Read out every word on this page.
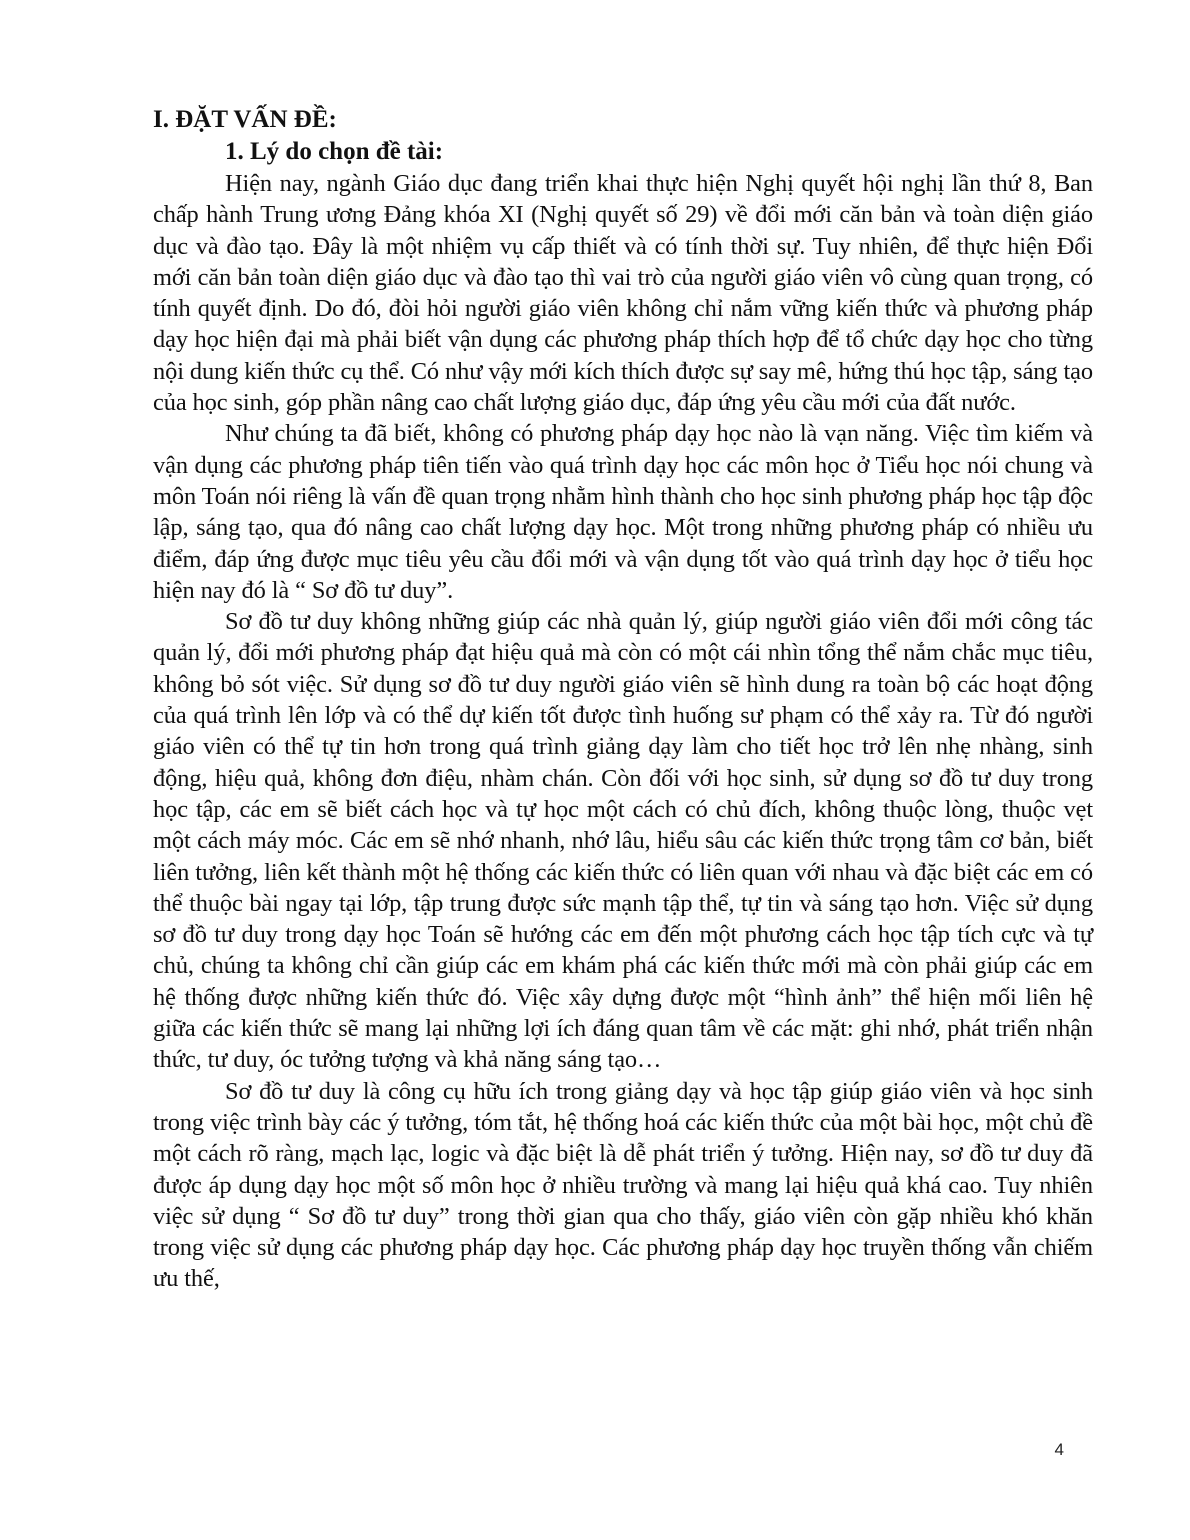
I. ĐẶT VẤN ĐỀ:
1. Lý do chọn đề tài:

Hiện nay, ngành Giáo dục đang triển khai thực hiện Nghị quyết hội nghị lần thứ 8, Ban chấp hành Trung ương Đảng khóa XI (Nghị quyết số 29) về đổi mới căn bản và toàn diện giáo dục và đào tạo. Đây là một nhiệm vụ cấp thiết và có tính thời sự. Tuy nhiên, để thực hiện Đổi mới căn bản toàn diện giáo dục và đào tạo thì vai trò của người giáo viên vô cùng quan trọng, có tính quyết định. Do đó, đòi hỏi người giáo viên không chỉ nắm vững kiến thức và phương pháp dạy học hiện đại mà phải biết vận dụng các phương pháp thích hợp để tổ chức dạy học cho từng nội dung kiến thức cụ thể. Có như vậy mới kích thích được sự say mê, hứng thú học tập, sáng tạo của học sinh, góp phần nâng cao chất lượng giáo dục, đáp ứng yêu cầu mới của đất nước.

Như chúng ta đã biết, không có phương pháp dạy học nào là vạn năng. Việc tìm kiếm và vận dụng các phương pháp tiên tiến vào quá trình dạy học các môn học ở Tiểu học nói chung và môn Toán nói riêng là vấn đề quan trọng nhằm hình thành cho học sinh phương pháp học tập độc lập, sáng tạo, qua đó nâng cao chất lượng dạy học. Một trong những phương pháp có nhiều ưu điểm, đáp ứng được mục tiêu yêu cầu đổi mới và vận dụng tốt vào quá trình dạy học ở tiểu học hiện nay đó là “ Sơ đồ tư duy”.

Sơ đồ tư duy không những giúp các nhà quản lý, giúp người giáo viên đổi mới công tác quản lý, đổi mới phương pháp đạt hiệu quả mà còn có một cái nhìn tổng thể nắm chắc mục tiêu, không bỏ sót việc. Sử dụng sơ đồ tư duy người giáo viên sẽ hình dung ra toàn bộ các hoạt động của quá trình lên lớp và có thể dự kiến tốt được tình huống sư phạm có thể xảy ra. Từ đó người giáo viên có thể tự tin hơn trong quá trình giảng dạy làm cho tiết học trở lên nhẹ nhàng, sinh động, hiệu quả, không đơn điệu, nhàm chán. Còn đối với học sinh, sử dụng sơ đồ tư duy trong học tập, các em sẽ biết cách học và tự học một cách có chủ đích, không thuộc lòng, thuộc vẹt một cách máy móc. Các em sẽ nhớ nhanh, nhớ lâu, hiểu sâu các kiến thức trọng tâm cơ bản, biết liên tưởng, liên kết thành một hệ thống các kiến thức có liên quan với nhau và đặc biệt các em có thể thuộc bài ngay tại lớp, tập trung được sức mạnh tập thể, tự tin và sáng tạo hơn. Việc sử dụng sơ đồ tư duy trong dạy học Toán sẽ hướng các em đến một phương cách học tập tích cực và tự chủ, chúng ta không chỉ cần giúp các em khám phá các kiến thức mới mà còn phải giúp các em hệ thống được những kiến thức đó. Việc xây dựng được một “hình ảnh” thể hiện mối liên hệ giữa các kiến thức sẽ mang lại những lợi ích đáng quan tâm về các mặt: ghi nhớ, phát triển nhận thức, tư duy, óc tưởng tượng và khả năng sáng tạo…

Sơ đồ tư duy là công cụ hữu ích trong giảng dạy và học tập giúp giáo viên và học sinh trong việc trình bày các ý tưởng, tóm tắt, hệ thống hoá các kiến thức của một bài học, một chủ đề một cách rõ ràng, mạch lạc, logic và đặc biệt là dễ phát triển ý tưởng. Hiện nay, sơ đồ tư duy đã được áp dụng dạy học một số môn học ở nhiều trường và mang lại hiệu quả khá cao. Tuy nhiên việc sử dụng “ Sơ đồ tư duy” trong thời gian qua cho thấy, giáo viên còn gặp nhiều khó khăn trong việc sử dụng các phương pháp dạy học. Các phương pháp dạy học truyền thống vẫn chiếm ưu thế,

4
